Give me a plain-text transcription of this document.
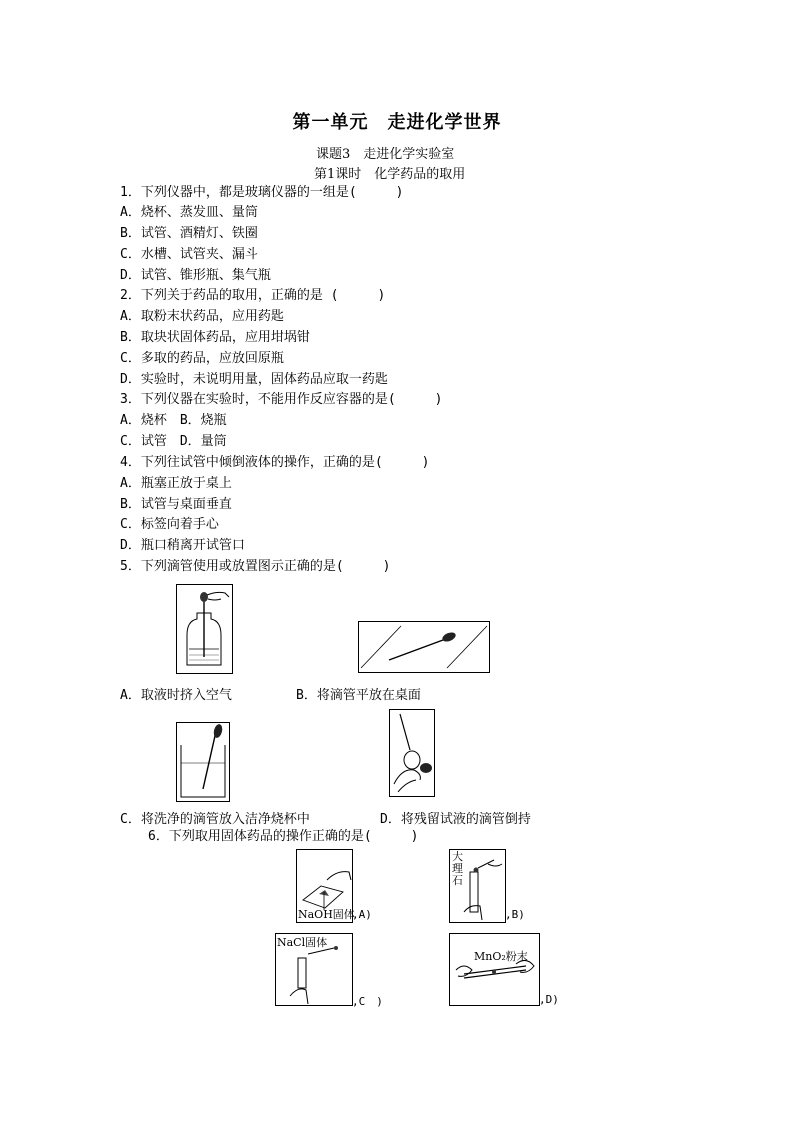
第一单元　走进化学世界
课题3　走进化学实验室
第1课时　化学药品的取用
1．下列仪器中，都是玻璃仪器的一组是(　　　)
A．烧杯、蒸发皿、量筒
B．试管、酒精灯、铁圈
C．水槽、试管夹、漏斗
D．试管、锥形瓶、集气瓶
2．下列关于药品的取用，正确的是 (　　　)
A．取粉末状药品，应用药匙
B．取块状固体药品，应用坩埚钳
C．多取的药品，应放回原瓶
D．实验时，未说明用量，固体药品应取一药匙
3．下列仪器在实验时，不能用作反应容器的是(　　　)
A．烧杯　B．烧瓶
C．试管　D．量筒
4．下列往试管中倾倒液体的操作，正确的是(　　　)
A．瓶塞正放于桌上
B．试管与桌面垂直
C．标签向着手心
D．瓶口稍离开试管口
5．下列滴管使用或放置图示正确的是(　　　)
A．取液时挤入空气	B．将滴管平放在桌面
C．将洗净的滴管放入洁净烧杯中	D．将残留试液的滴管倒持
6．下列取用固体药品的操作正确的是(　　　)
NaOH固体
,A)
大理石
,B)
NaCl固体
,C　)
MnO₂粉末
,D)
